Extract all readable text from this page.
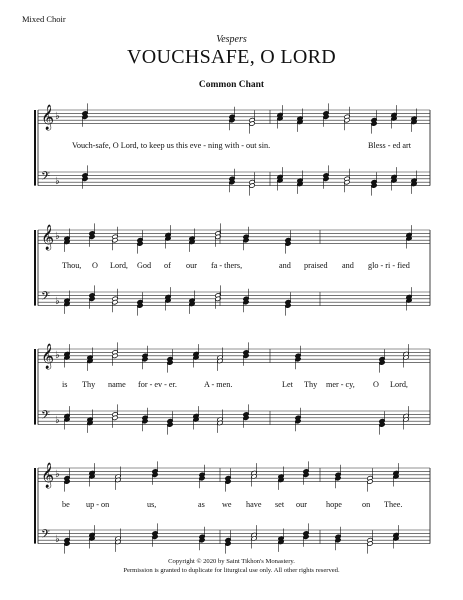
Mixed Choir
Vespers
VOUCHSAFE, O LORD
Common Chant
𝄞 ♭
𝄢 ♭
𝄞 ♭
𝄢 ♭
𝄞 ♭
𝄢 ♭
𝄞 ♭
𝄢 ♭
Vouch-safe, O Lord, to keep us this eve - ning with - out sin.	Bless - ed art
Thou, O Lord, God of our fa - thers,	and praised and glo - ri - fied
is Thy name for - ev - er.	A - men.	Let Thy mer - cy, O Lord,
be up - on	us,	as we have set our hope on Thee.
Copyright © 2020 by Saint Tikhon's Monastery.
Permission is granted to duplicate for liturgical use only. All other rights reserved.
